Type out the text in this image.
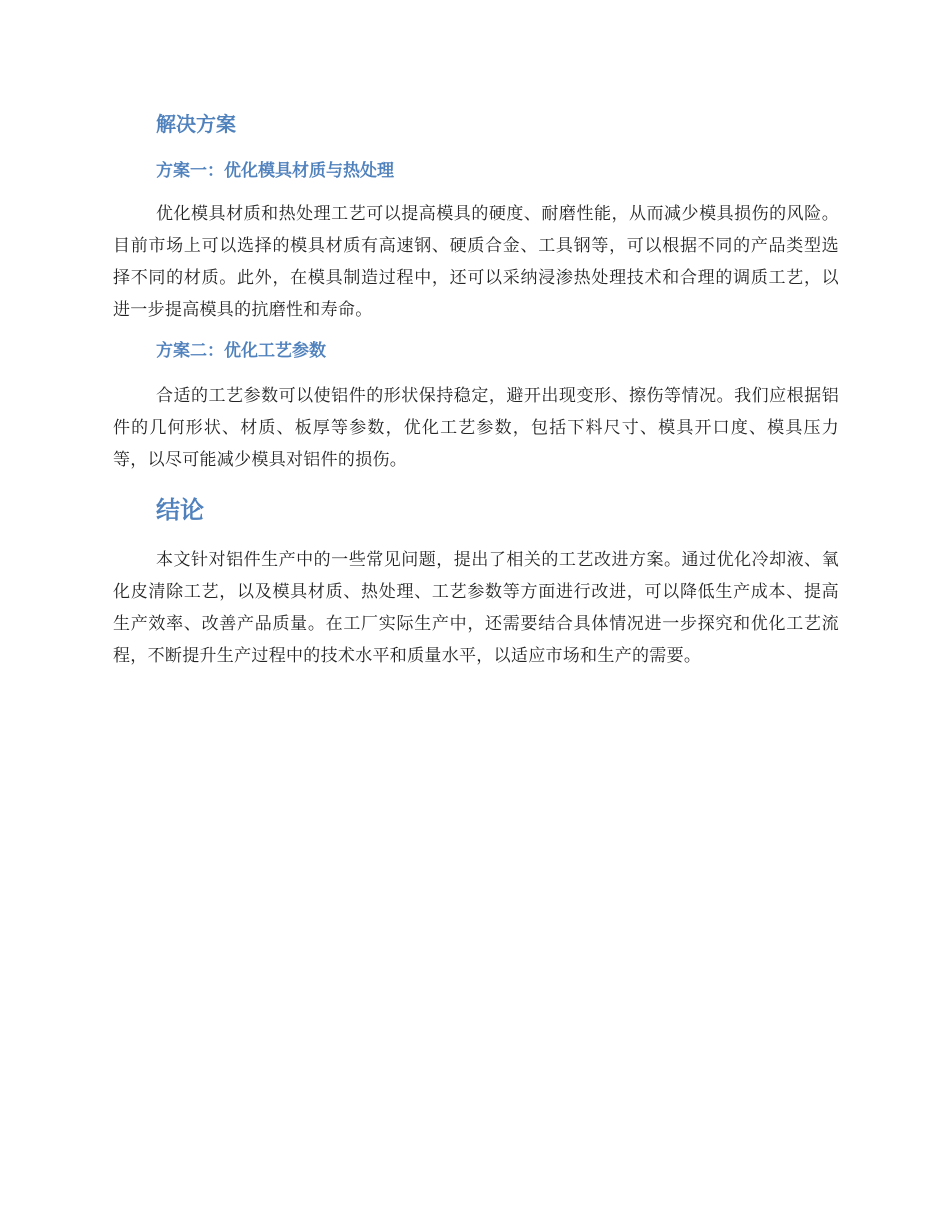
解决方案
方案一：优化模具材质与热处理

优化模具材质和热处理工艺可以提高模具的硬度、耐磨性能，从而减少模具损伤的风险。目前市场上可以选择的模具材质有高速钢、硬质合金、工具钢等，可以根据不同的产品类型选择不同的材质。此外，在模具制造过程中，还可以采纳浸渗热处理技术和合理的调质工艺，以进一步提高模具的抗磨性和寿命。

方案二：优化工艺参数

合适的工艺参数可以使铝件的形状保持稳定，避开出现变形、擦伤等情况。我们应根据铝件的几何形状、材质、板厚等参数，优化工艺参数，包括下料尺寸、模具开口度、模具压力等，以尽可能减少模具对铝件的损伤。

结论

本文针对铝件生产中的一些常见问题，提出了相关的工艺改进方案。通过优化冷却液、氧化皮清除工艺，以及模具材质、热处理、工艺参数等方面进行改进，可以降低生产成本、提高生产效率、改善产品质量。在工厂实际生产中，还需要结合具体情况进一步探究和优化工艺流程，不断提升生产过程中的技术水平和质量水平，以适应市场和生产的需要。
